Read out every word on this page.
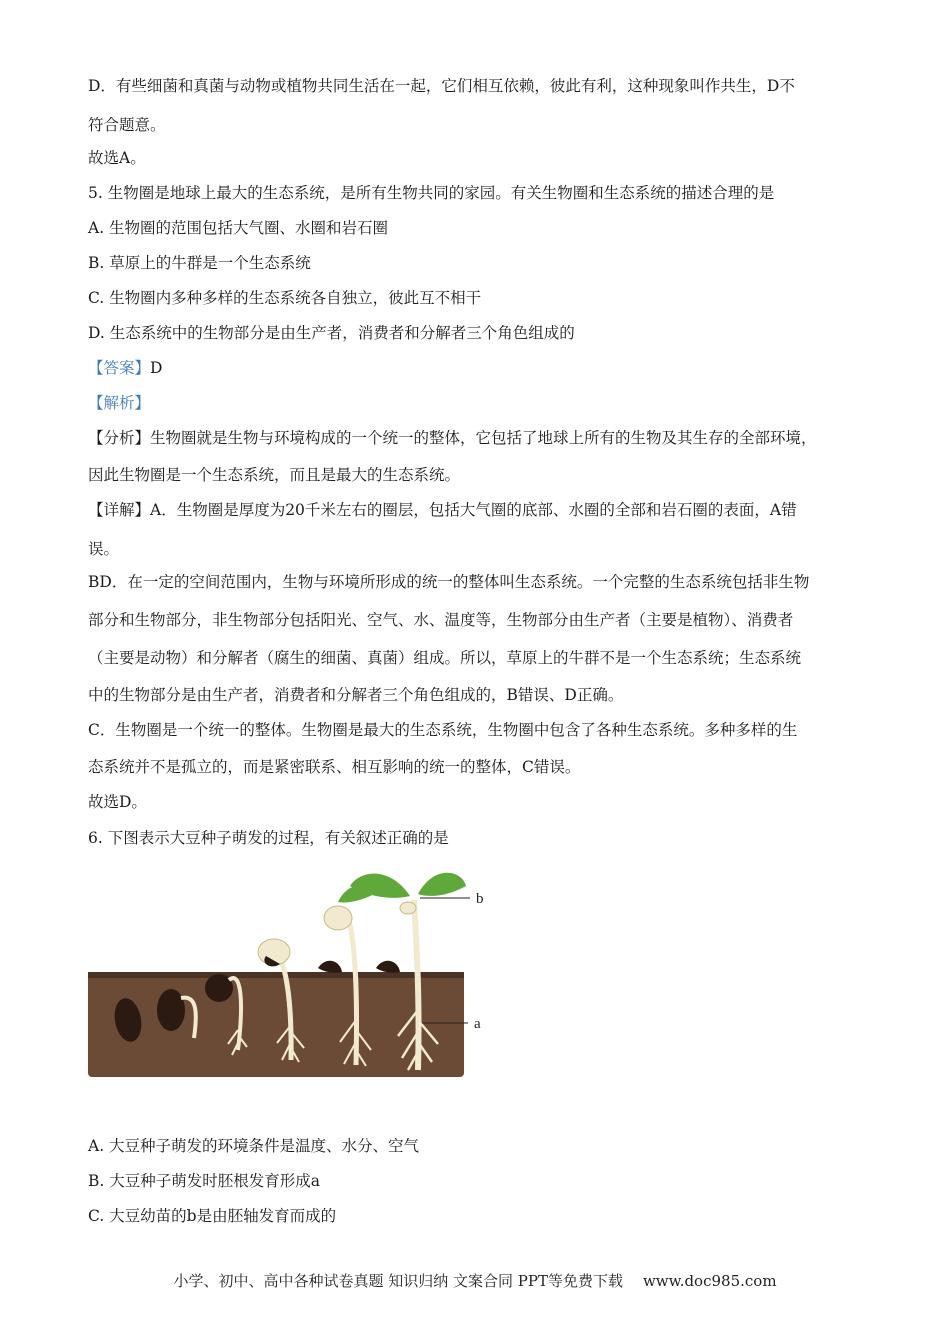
D．有些细菌和真菌与动物或植物共同生活在一起，它们相互依赖，彼此有利，这种现象叫作共生，D不
符合题意。
故选A。
5. 生物圈是地球上最大的生态系统，是所有生物共同的家园。有关生物圈和生态系统的描述合理的是
A. 生物圈的范围包括大气圈、水圈和岩石圈
B. 草原上的牛群是一个生态系统
C. 生物圈内多种多样的生态系统各自独立，彼此互不相干
D. 生态系统中的生物部分是由生产者，消费者和分解者三个角色组成的
【答案】D
【解析】
【分析】生物圈就是生物与环境构成的一个统一的整体，它包括了地球上所有的生物及其生存的全部环境，
因此生物圈是一个生态系统，而且是最大的生态系统。
【详解】A．生物圈是厚度为20千米左右的圈层，包括大气圈的底部、水圈的全部和岩石圈的表面，A错
误。
BD．在一定的空间范围内，生物与环境所形成的统一的整体叫生态系统。一个完整的生态系统包括非生物
部分和生物部分，非生物部分包括阳光、空气、水、温度等，生物部分由生产者（主要是植物）、消费者
（主要是动物）和分解者（腐生的细菌、真菌）组成。所以，草原上的牛群不是一个生态系统；生态系统
中的生物部分是由生产者，消费者和分解者三个角色组成的，B错误、D正确。
C．生物圈是一个统一的整体。生物圈是最大的生态系统，生物圈中包含了各种生态系统。多种多样的生
态系统并不是孤立的，而是紧密联系、相互影响的统一的整体，C错误。
故选D。
6. 下图表示大豆种子萌发的过程，有关叙述正确的是
b
a
A. 大豆种子萌发的环境条件是温度、水分、空气
B. 大豆种子萌发时胚根发育形成a
C. 大豆幼苗的b是由胚轴发育而成的
小学、初中、高中各种试卷真题 知识归纳 文案合同 PPT等免费下载 www.doc985.com
